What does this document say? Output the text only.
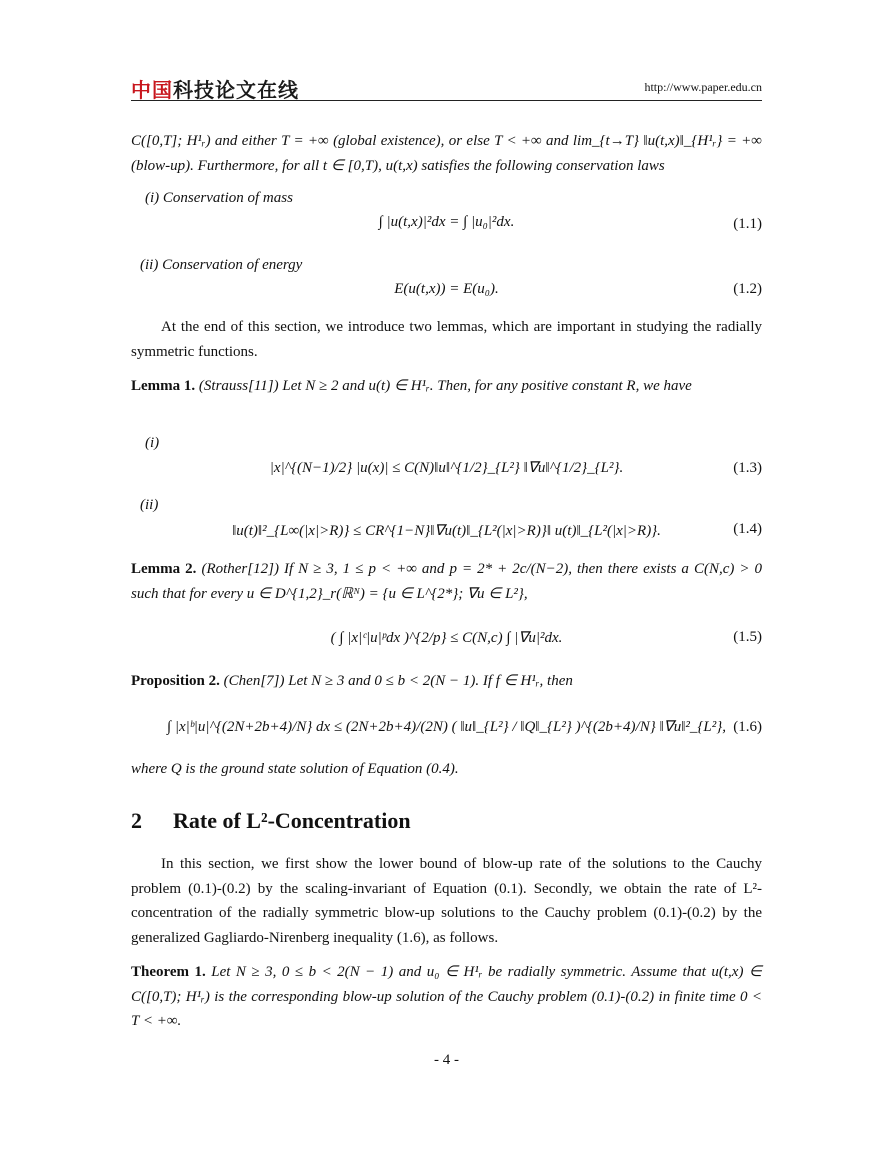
中国科技论文在线	http://www.paper.edu.cn
C([0,T]; H¹ᵣ) and either T = +∞ (global existence), or else T < +∞ and lim_{t→T} ‖u(t,x)‖_{H¹ᵣ} = +∞ (blow-up). Furthermore, for all t ∈ [0,T), u(t,x) satisfies the following conservation laws
(i) Conservation of mass
∫ |u(t,x)|²dx = ∫ |u₀|²dx.	(1.1)
(ii) Conservation of energy
E(u(t,x)) = E(u₀).	(1.2)
At the end of this section, we introduce two lemmas, which are important in studying the radially symmetric functions.
Lemma 1. (Strauss[11]) Let N ≥ 2 and u(t) ∈ H¹ᵣ. Then, for any positive constant R, we have
(i)
|x|^{(N−1)/2} |u(x)| ≤ C(N)‖u‖^{1/2}_{L²} ‖∇u‖^{1/2}_{L²}.	(1.3)
(ii)
‖u(t)‖²_{L∞(|x|>R)} ≤ CR^{1−N}‖∇u(t)‖_{L²(|x|>R)}‖ u(t)‖_{L²(|x|>R)}.	(1.4)
Lemma 2. (Rother[12]) If N ≥ 3, 1 ≤ p < +∞ and p = 2* + 2c/(N−2), then there exists a C(N,c) > 0 such that for every u ∈ D^{1,2}_r(ℝᴺ) = {u ∈ L^{2*}; ∇u ∈ L²},
( ∫ |x|ᶜ|u|ᵖdx )^{2/p} ≤ C(N,c) ∫ |∇u|²dx.	(1.5)
Proposition 2. (Chen[7]) Let N ≥ 3 and 0 ≤ b < 2(N − 1). If f ∈ H¹ᵣ, then
∫ |x|ᵇ|u|^{(2N+2b+4)/N} dx ≤ (2N+2b+4)/(2N) ( ‖u‖_{L²} / ‖Q‖_{L²} )^{(2b+4)/N} ‖∇u‖²_{L²}, (1.6)
where Q is the ground state solution of Equation (0.4).
2 Rate of L²-Concentration
In this section, we first show the lower bound of blow-up rate of the solutions to the Cauchy problem (0.1)-(0.2) by the scaling-invariant of Equation (0.1). Secondly, we obtain the rate of L²-concentration of the radially symmetric blow-up solutions to the Cauchy problem (0.1)-(0.2) by the generalized Gagliardo-Nirenberg inequality (1.6), as follows.
Theorem 1. Let N ≥ 3, 0 ≤ b < 2(N − 1) and u₀ ∈ H¹ᵣ be radially symmetric. Assume that u(t,x) ∈ C([0,T); H¹ᵣ) is the corresponding blow-up solution of the Cauchy problem (0.1)-(0.2) in finite time 0 < T < +∞.
- 4 -
